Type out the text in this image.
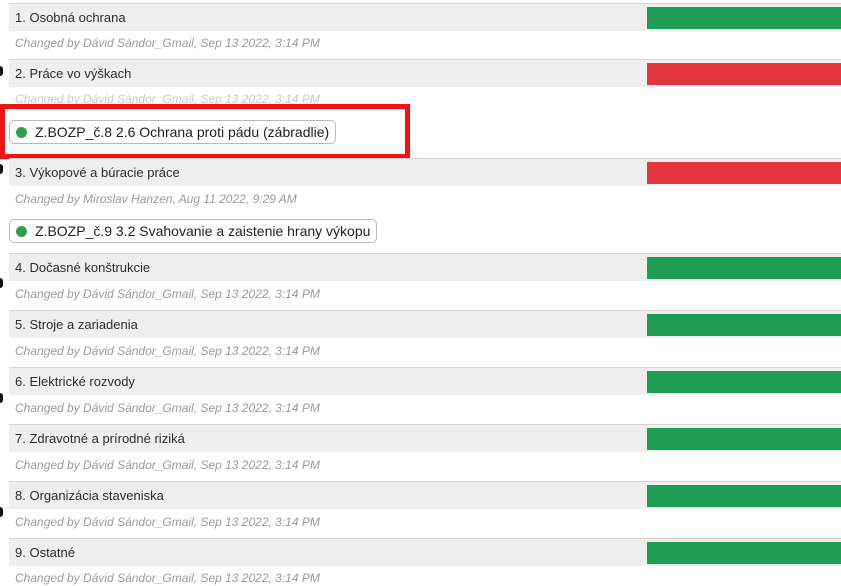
1. Osobná ochrana
Changed by Dávid Sándor_Gmail, Sep 13 2022, 3:14 PM
2. Práce vo výškach
Changed by Dávid Sándor_Gmail, Sep 13 2022, 3:14 PM
Z.BOZP_č.8 2.6 Ochrana proti pádu (zábradlie)
3. Výkopové a búracie práce
Changed by Miroslav Hanzen, Aug 11 2022, 9:29 AM
Z.BOZP_č.9 3.2 Svahovanie a zaistenie hrany výkopu
4. Dočasné konštrukcie
Changed by Dávid Sándor_Gmail, Sep 13 2022, 3:14 PM
5. Stroje a zariadenia
Changed by Dávid Sándor_Gmail, Sep 13 2022, 3:14 PM
6. Elektrické rozvody
Changed by Dávid Sándor_Gmail, Sep 13 2022, 3:14 PM
7. Zdravotné a prírodné riziká
Changed by Dávid Sándor_Gmail, Sep 13 2022, 3:14 PM
8. Organizácia staveniska
Changed by Dávid Sándor_Gmail, Sep 13 2022, 3:14 PM
9. Ostatné
Changed by Dávid Sándor_Gmail, Sep 13 2022, 3:14 PM
